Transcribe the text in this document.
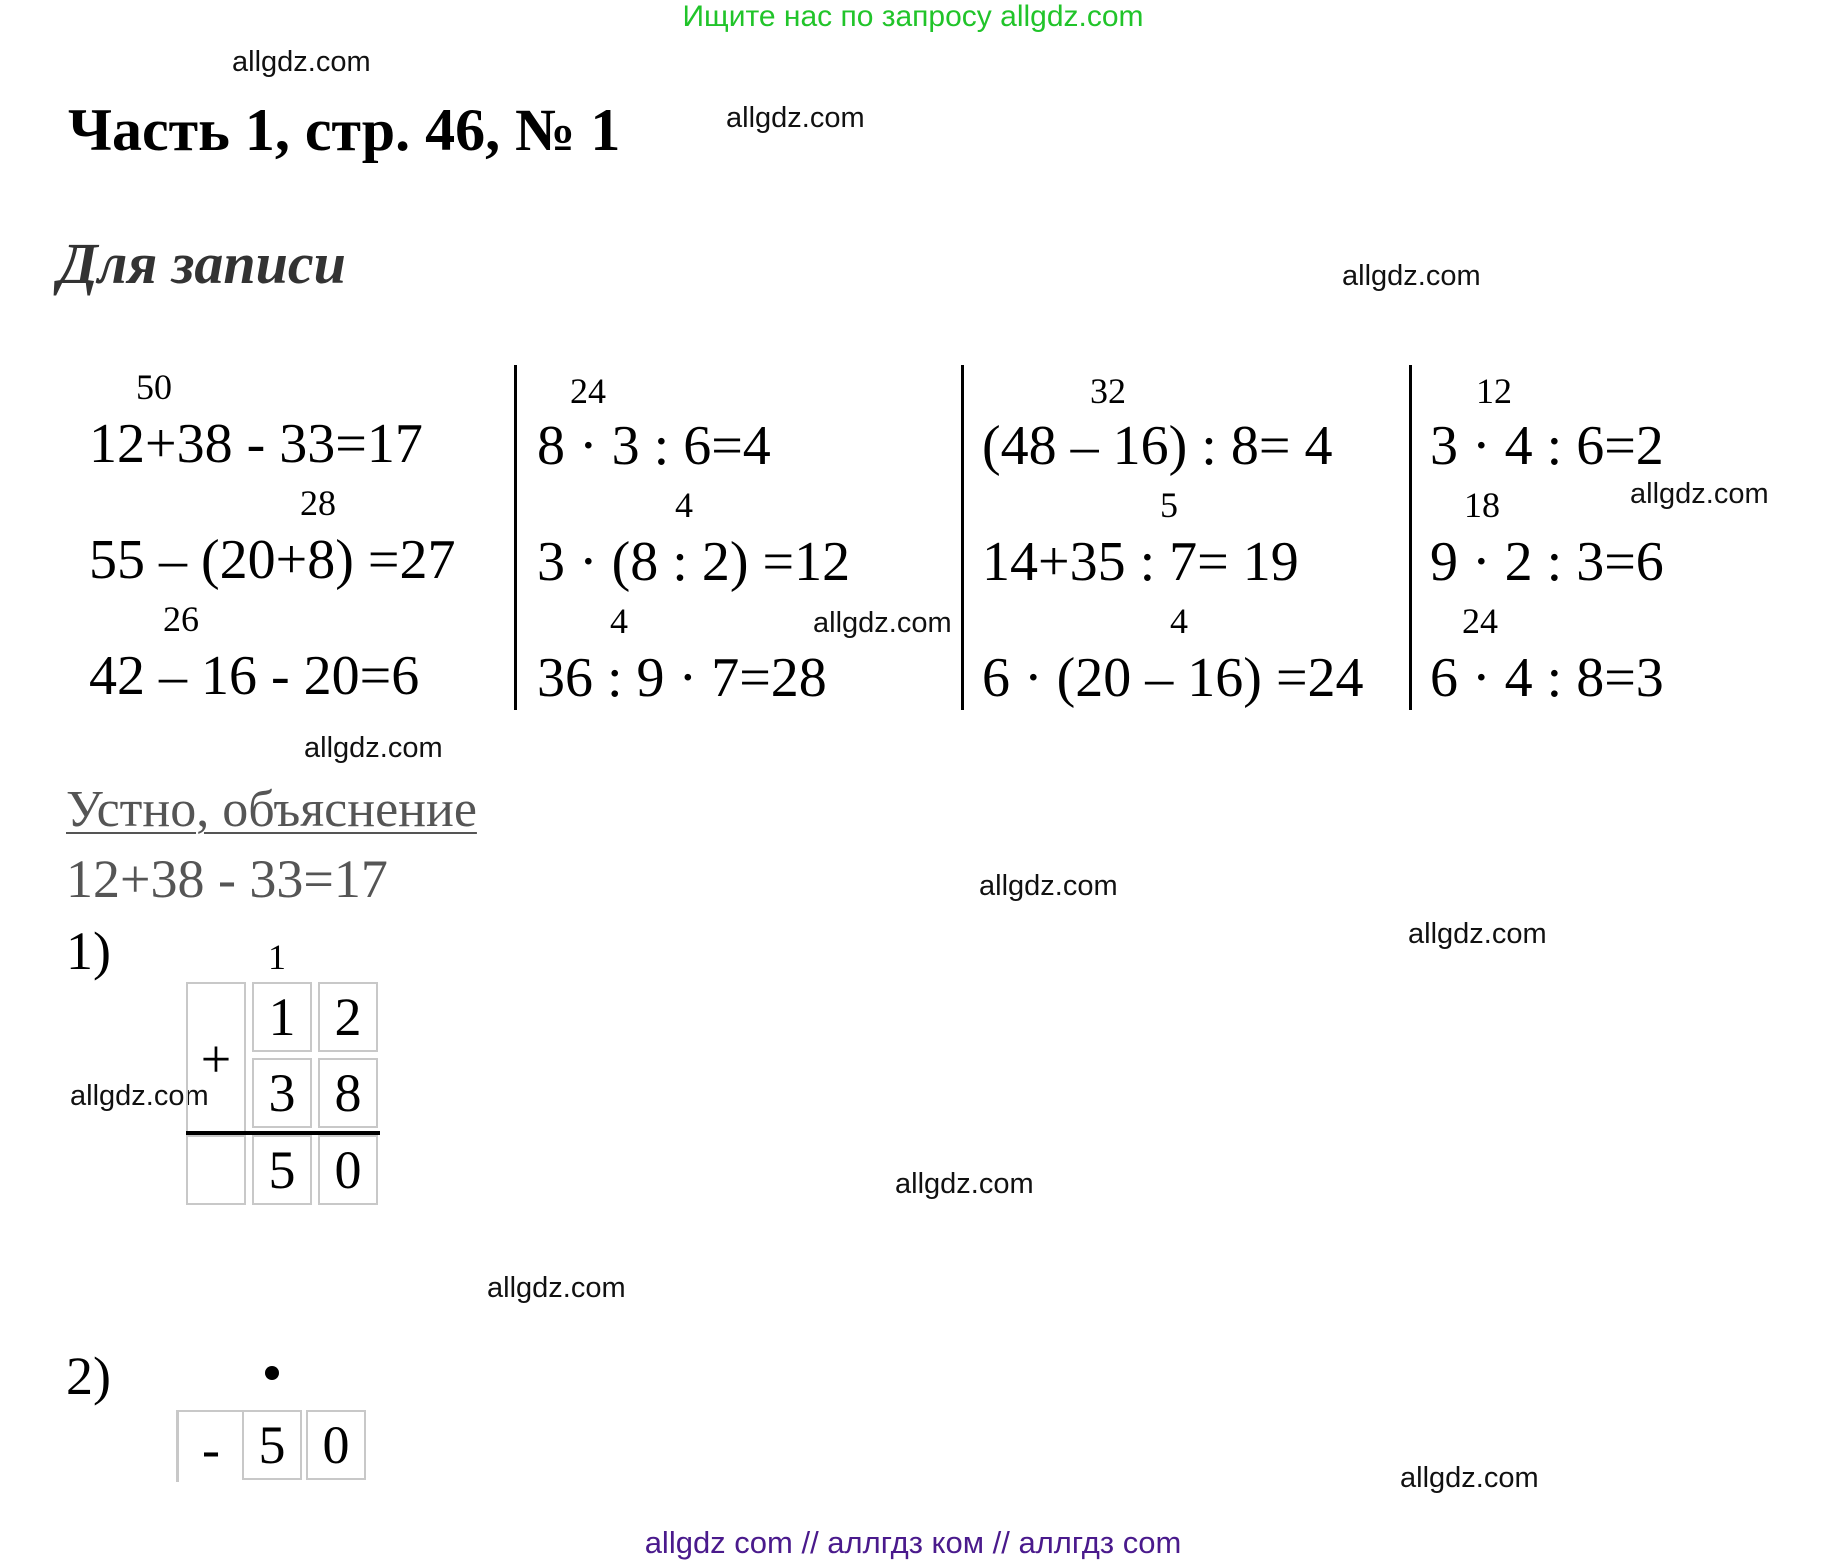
Ищите нас по запросу allgdz.com
allgdz.com
allgdz.com
allgdz.com
allgdz.com
allgdz.com
allgdz.com
allgdz.com
allgdz.com
allgdz.com
allgdz.com
allgdz.com
allgdz.com
Часть 1, стр. 46, № 1
Для записи
50
12+38 - 33=17
28
55 – (20+8) =27
26
42 – 16 - 20=6
24
8 · 3 : 6=4
4
3 · (8 : 2) =12
4
36 : 9 · 7=28
32
(48 – 16) : 8= 4
5
14+35 : 7= 19
4
6 · (20 – 16) =24
12
3 · 4 : 6=2
18
9 · 2 : 3=6
24
6 · 4 : 8=3
Устно, объяснение
12+38 - 33=17
1)	1
+
1 2
3 8
5 0
2)
- 5 0
allgdz com // аллгдз ком // аллгдз com
